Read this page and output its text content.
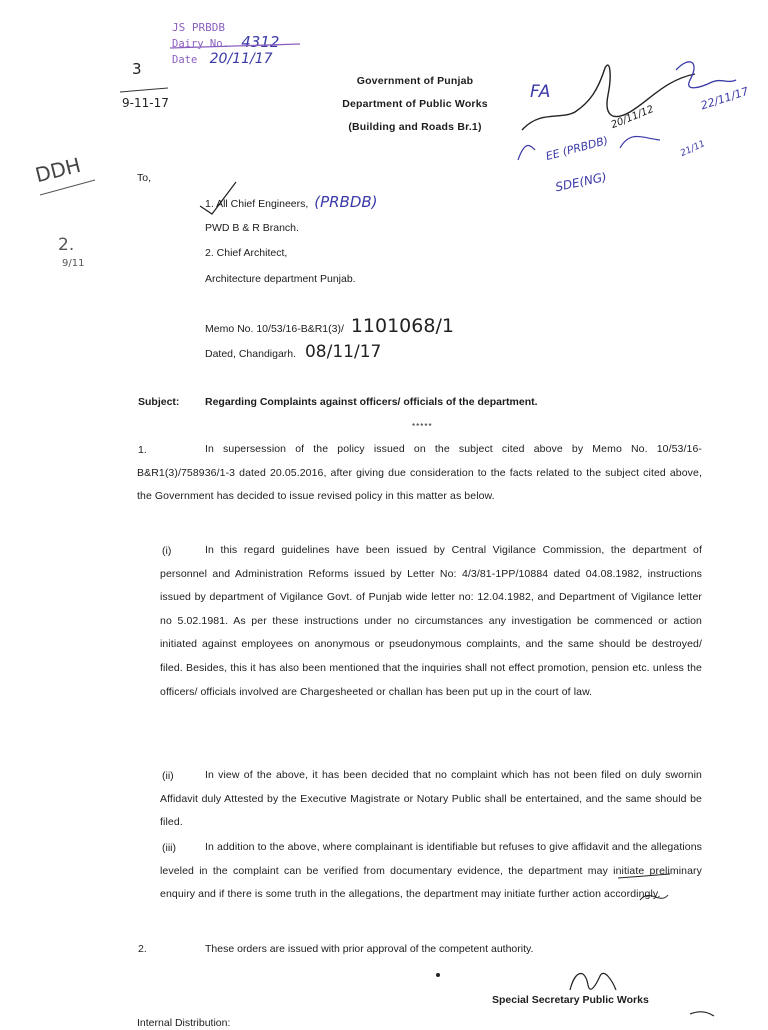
JS PRBDB
Dairy No. 4312
Date 20/11/17
3
9-11-17
DDH
2.
9/11
Government of Punjab
Department of Public Works
(Building and Roads Br.1)
FA
20/11/12
22/11/17
EE (PRBDB)	21/11
SDE(NG)
To,
1. All Chief Engineers, (PRBDB)
PWD B & R Branch.
2. Chief Architect,
Architecture department Punjab.
Memo No. 10/53/16-B&R1(3)/ 1101068/1
Dated, Chandigarh. 08/11/17
Subject: Regarding Complaints against officers/ officials of the department.
*****
1.	In supersession of the policy issued on the subject cited above by Memo No. 10/53/16-B&R1(3)/758936/1-3 dated 20.05.2016, after giving due consideration to the facts related to the subject cited above, the Government has decided to issue revised policy in this matter as below.
(i)	In this regard guidelines have been issued by Central Vigilance Commission, the department of personnel and Administration Reforms issued by Letter No: 4/3/81-1PP/10884 dated 04.08.1982, instructions issued by department of Vigilance Govt. of Punjab wide letter no: 12.04.1982, and Department of Vigilance letter no 5.02.1981. As per these instructions under no circumstances any investigation be commenced or action initiated against employees on anonymous or pseudonymous complaints, and the same should be destroyed/ filed. Besides, this it has also been mentioned that the inquiries shall not effect promotion, pension etc. unless the officers/ officials involved are Chargesheeted or challan has been put up in the court of law.
(ii)	In view of the above, it has been decided that no complaint which has not been filed on duly swornin Affidavit duly Attested by the Executive Magistrate or Notary Public shall be entertained, and the same should be filed.
(iii)	In addition to the above, where complainant is identifiable but refuses to give affidavit and the allegations leveled in the complaint can be verified from documentary evidence, the department may initiate preliminary enquiry and if there is some truth in the allegations, the department may initiate further action accordingly.
2.	These orders are issued with prior approval of the competent authority.
Special Secretary Public Works
Internal Distribution:
